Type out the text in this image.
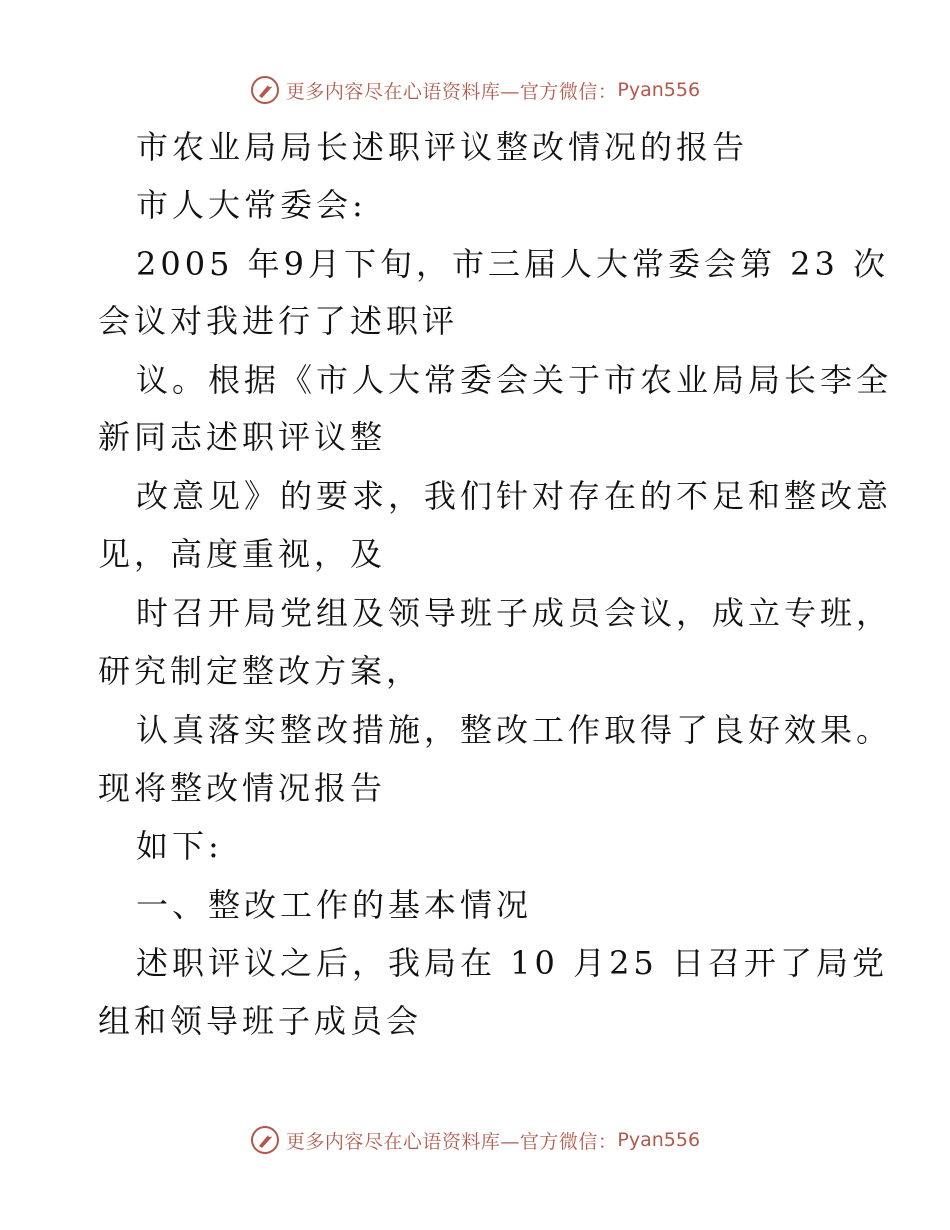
更多内容尽在心语资料库—官方微信： Pyan556
市农业局局长述职评议整改情况的报告
市人大常委会:
2005 年9月下旬，市三届人大常委会第 23 次
会议对我进行了述职评
议。根据《市人大常委会关于市农业局局长李全
新同志述职评议整
改意见》的要求，我们针对存在的不足和整改意
见，高度重视，及
时召开局党组及领导班子成员会议，成立专班，
研究制定整改方案，
认真落实整改措施，整改工作取得了良好效果。
现将整改情况报告
如下:
一、整改工作的基本情况
述职评议之后，我局在 10 月25 日召开了局党
组和领导班子成员会
更多内容尽在心语资料库—官方微信： Pyan556
